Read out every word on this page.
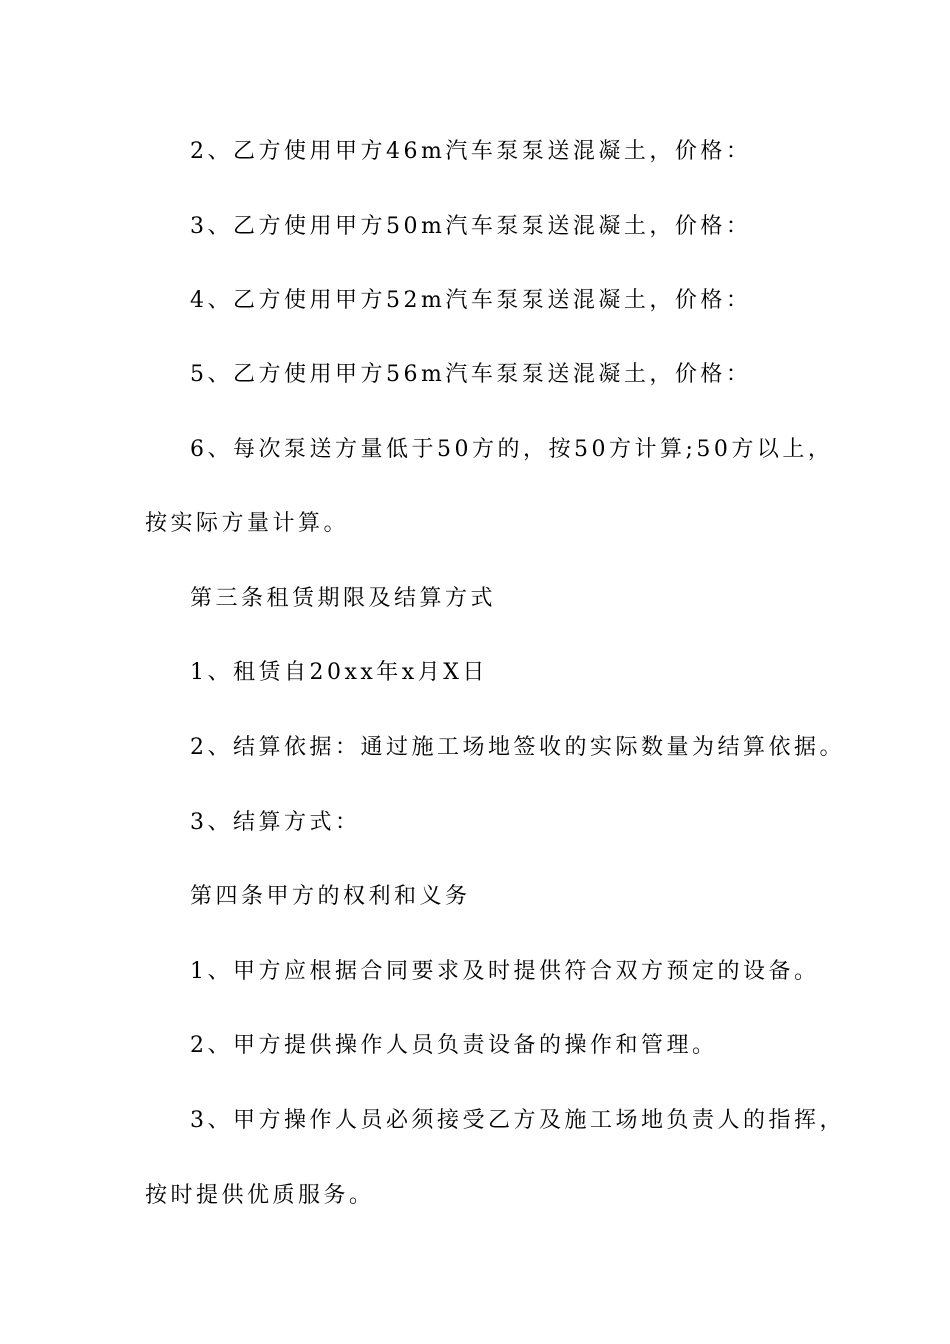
2、乙方使用甲方46m汽车泵泵送混凝土，价格：
3、乙方使用甲方50m汽车泵泵送混凝土，价格：
4、乙方使用甲方52m汽车泵泵送混凝土，价格：
5、乙方使用甲方56m汽车泵泵送混凝土，价格：
6、每次泵送方量低于50方的，按50方计算;50方以上，
按实际方量计算。
第三条租赁期限及结算方式
1、租赁自20xx年x月X日
2、结算依据：通过施工场地签收的实际数量为结算依据。
3、结算方式：
第四条甲方的权利和义务
1、甲方应根据合同要求及时提供符合双方预定的设备。
2、甲方提供操作人员负责设备的操作和管理。
3、甲方操作人员必须接受乙方及施工场地负责人的指挥，
按时提供优质服务。
